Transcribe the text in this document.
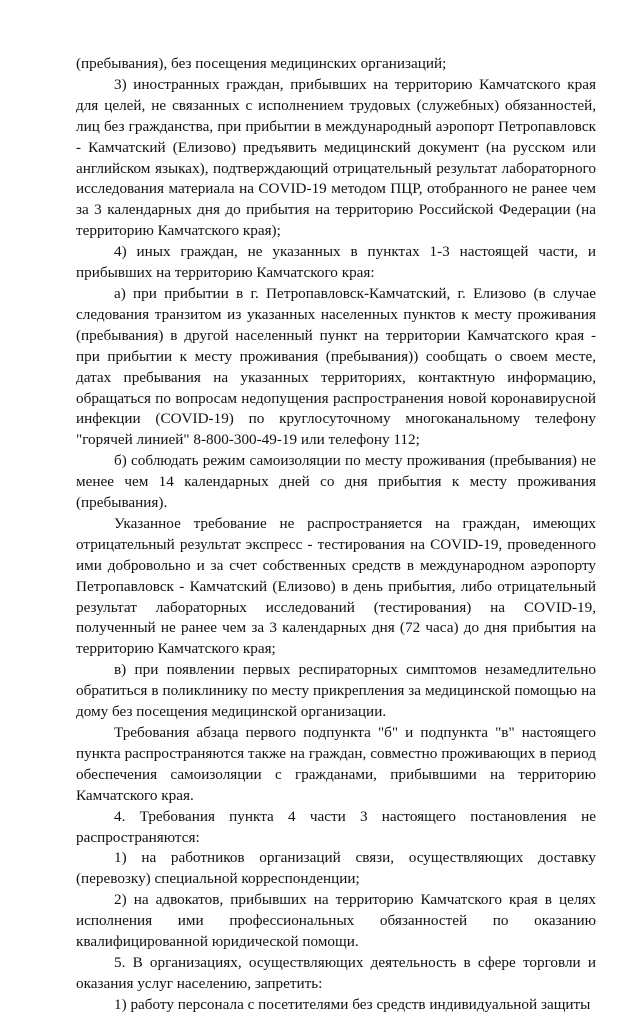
(пребывания), без посещения медицинских организаций;

3) иностранных граждан, прибывших на территорию Камчатского края для целей, не связанных с исполнением трудовых (служебных) обязанностей, лиц без гражданства, при прибытии в международный аэропорт Петропавловск - Камчатский (Елизово) предъявить медицинский документ (на русском или английском языках), подтверждающий отрицательный результат лабораторного исследования материала на COVID-19 методом ПЦР, отобранного не ранее чем за 3 календарных дня до прибытия на территорию Российской Федерации (на территорию Камчатского края);

4) иных граждан, не указанных в пунктах 1-3 настоящей части, и прибывших на территорию Камчатского края:

а) при прибытии в г. Петропавловск-Камчатский, г. Елизово (в случае следования транзитом из указанных населенных пунктов к месту проживания (пребывания) в другой населенный пункт на территории Камчатского края - при прибытии к месту проживания (пребывания)) сообщать о своем месте, датах пребывания на указанных территориях, контактную информацию, обращаться по вопросам недопущения распространения новой коронавирусной инфекции (COVID-19) по круглосуточному многоканальному телефону "горячей линией" 8-800-300-49-19 или телефону 112;

б) соблюдать режим самоизоляции по месту проживания (пребывания) не менее чем 14 календарных дней со дня прибытия к месту проживания (пребывания).

Указанное требование не распространяется на граждан, имеющих отрицательный результат экспресс - тестирования на COVID-19, проведенного ими добровольно и за счет собственных средств в международном аэропорту Петропавловск - Камчатский (Елизово) в день прибытия, либо отрицательный результат лабораторных исследований (тестирования) на COVID-19, полученный не ранее чем за 3 календарных дня (72 часа) до дня прибытия на территорию Камчатского края;

в) при появлении первых респираторных симптомов незамедлительно обратиться в поликлинику по месту прикрепления за медицинской помощью на дому без посещения медицинской организации.

Требования абзаца первого подпункта "б" и подпункта "в" настоящего пункта распространяются также на граждан, совместно проживающих в период обеспечения самоизоляции с гражданами, прибывшими на территорию Камчатского края.

4. Требования пункта 4 части 3 настоящего постановления не распространяются:

1) на работников организаций связи, осуществляющих доставку (перевозку) специальной корреспонденции;

2) на адвокатов, прибывших на территорию Камчатского края в целях исполнения ими профессиональных обязанностей по оказанию квалифицированной юридической помощи.

5. В организациях, осуществляющих деятельность в сфере торговли и оказания услуг населению, запретить:

1) работу персонала с посетителями без средств индивидуальной защиты
